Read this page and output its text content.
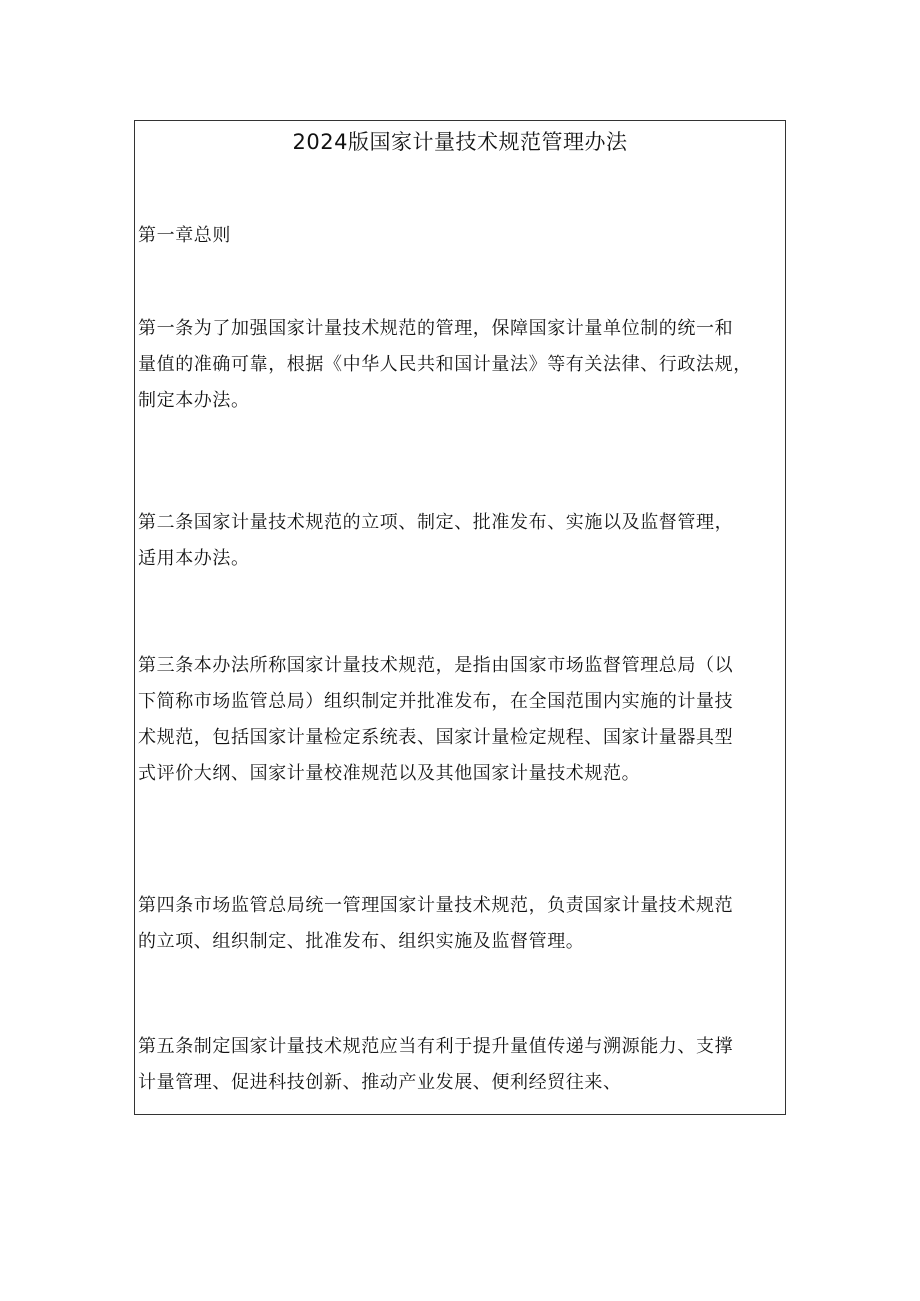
2024版国家计量技术规范管理办法

第一章总则

第一条为了加强国家计量技术规范的管理，保障国家计量单位制的统一和
量值的准确可靠，根据《中华人民共和国计量法》等有关法律、行政法规，
制定本办法。

第二条国家计量技术规范的立项、制定、批准发布、实施以及监督管理，
适用本办法。

第三条本办法所称国家计量技术规范，是指由国家市场监督管理总局（以
下简称市场监管总局）组织制定并批准发布，在全国范围内实施的计量技
术规范，包括国家计量检定系统表、国家计量检定规程、国家计量器具型
式评价大纲、国家计量校准规范以及其他国家计量技术规范。

第四条市场监管总局统一管理国家计量技术规范，负责国家计量技术规范
的立项、组织制定、批准发布、组织实施及监督管理。

第五条制定国家计量技术规范应当有利于提升量值传递与溯源能力、支撑
计量管理、促进科技创新、推动产业发展、便利经贸往来、
